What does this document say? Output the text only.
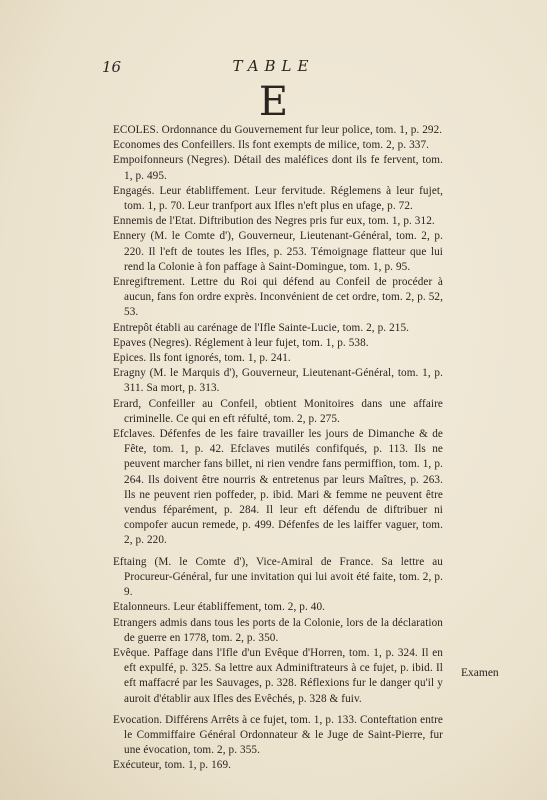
16	TABLE
E

ECOLES. Ordonnance du Gouvernement fur leur police, tom. 1, p. 292.

Economes des Confeillers. Ils font exempts de milice, tom. 2, p. 337.

Empoifonneurs (Negres). Détail des maléfices dont ils fe fervent, tom. 1, p. 495.

Engagés. Leur établiffement. Leur fervitude. Réglemens à leur fujet, tom. 1, p. 70. Leur tranfport aux Ifles n'eft plus en ufage, p. 72.

Ennemis de l'Etat. Diftribution des Negres pris fur eux, tom. 1, p. 312.

Ennery (M. le Comte d'), Gouverneur, Lieutenant-Général, tom. 2, p. 220. Il l'eft de toutes les Ifles, p. 253. Témoignage flatteur que lui rend la Colonie à fon paffage à Saint-Domingue, tom. 1, p. 95.

Enregiftrement. Lettre du Roi qui défend au Confeil de procéder à aucun, fans fon ordre exprès. Inconvénient de cet ordre, tom. 2, p. 52, 53.

Entrepôt établi au carénage de l'Ifle Sainte-Lucie, tom. 2, p. 215.

Epaves (Negres). Réglement à leur fujet, tom. 1, p. 538.

Epices. Ils font ignorés, tom. 1, p. 241.

Eragny (M. le Marquis d'), Gouverneur, Lieutenant-Général, tom. 1, p. 311. Sa mort, p. 313.

Erard, Confeiller au Confeil, obtient Monitoires dans une affaire criminelle. Ce qui en eft réfulté, tom. 2, p. 275.

Efclaves. Défenfes de les faire travailler les jours de Dimanche & de Fête, tom. 1, p. 42. Efclaves mutilés confifqués, p. 113. Ils ne peuvent marcher fans billet, ni rien vendre fans permiffion, tom. 1, p. 264. Ils doivent être nourris & entretenus par leurs Maîtres, p. 263. Ils ne peuvent rien poffeder, p. ibid. Mari & femme ne peuvent être vendus féparément, p. 284. Il leur eft défendu de diftribuer ni compofer aucun remede, p. 499. Défenfes de les laiffer vaguer, tom. 2, p. 220.

Eftaing (M. le Comte d'), Vice-Amiral de France. Sa lettre au Procureur-Général, fur une invitation qui lui avoit été faite, tom. 2, p. 9.

Etalonneurs. Leur établiffement, tom. 2, p. 40.

Etrangers admis dans tous les ports de la Colonie, lors de la déclaration de guerre en 1778, tom. 2, p. 350.

Evêque. Paffage dans l'Ifle d'un Evêque d'Horren, tom. 1, p. 324. Il en eft expulfé, p. 325. Sa lettre aux Adminiftrateurs à ce fujet, p. ibid. Il eft maffacré par les Sauvages, p. 328. Réflexions fur le danger qu'il y auroit d'établir aux Ifles des Evêchés, p. 328 & fuiv.

Evocation. Différens Arrêts à ce fujet, tom. 1, p. 133. Conteftation entre le Commiffaire Général Ordonnateur & le Juge de Saint-Pierre, fur une évocation, tom. 2, p. 355.

Exécuteur, tom. 1, p. 169.

Examen
